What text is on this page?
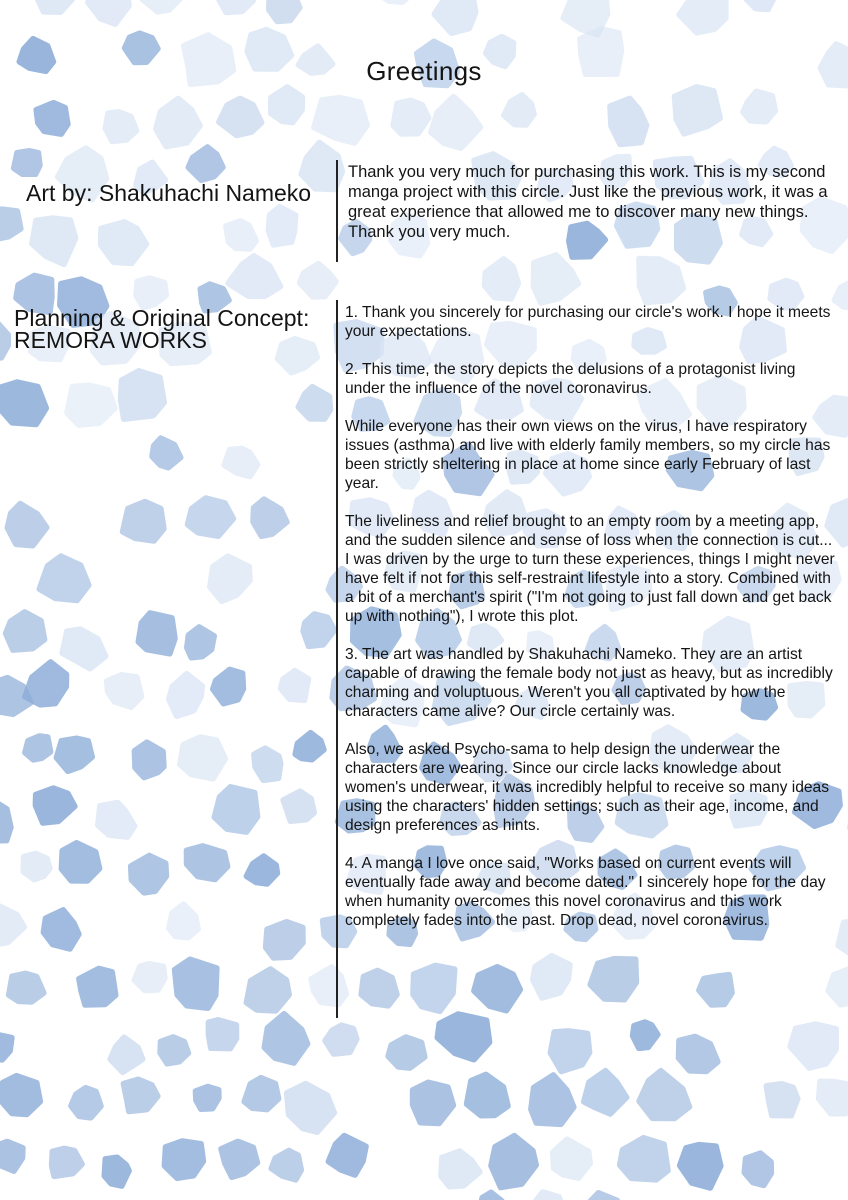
Greetings
Art by: Shakuhachi Nameko
Thank you very much for purchasing this work. This is my second manga project with this circle. Just like the previous work, it was a great experience that allowed me to discover many new things. Thank you very much.
Planning & Original Concept:
REMORA WORKS

1. Thank you sincerely for purchasing our circle's work. I hope it meets your expectations.

2. This time, the story depicts the delusions of a protagonist living under the influence of the novel coronavirus.

While everyone has their own views on the virus, I have respiratory issues (asthma) and live with elderly family members, so my circle has been strictly sheltering in place at home since early February of last year.

The liveliness and relief brought to an empty room by a meeting app, and the sudden silence and sense of loss when the connection is cut... I was driven by the urge to turn these experiences, things I might never have felt if not for this self-restraint lifestyle into a story. Combined with a bit of a merchant's spirit ("I'm not going to just fall down and get back up with nothing"), I wrote this plot.

3. The art was handled by Shakuhachi Nameko. They are an artist capable of drawing the female body not just as heavy, but as incredibly charming and voluptuous. Weren't you all captivated by how the characters came alive? Our circle certainly was.

Also, we asked Psycho-sama to help design the underwear the characters are wearing. Since our circle lacks knowledge about women's underwear, it was incredibly helpful to receive so many ideas using the characters' hidden settings; such as their age, income, and design preferences as hints.

4. A manga I love once said, "Works based on current events will eventually fade away and become dated." I sincerely hope for the day when humanity overcomes this novel coronavirus and this work completely fades into the past. Drop dead, novel coronavirus.
